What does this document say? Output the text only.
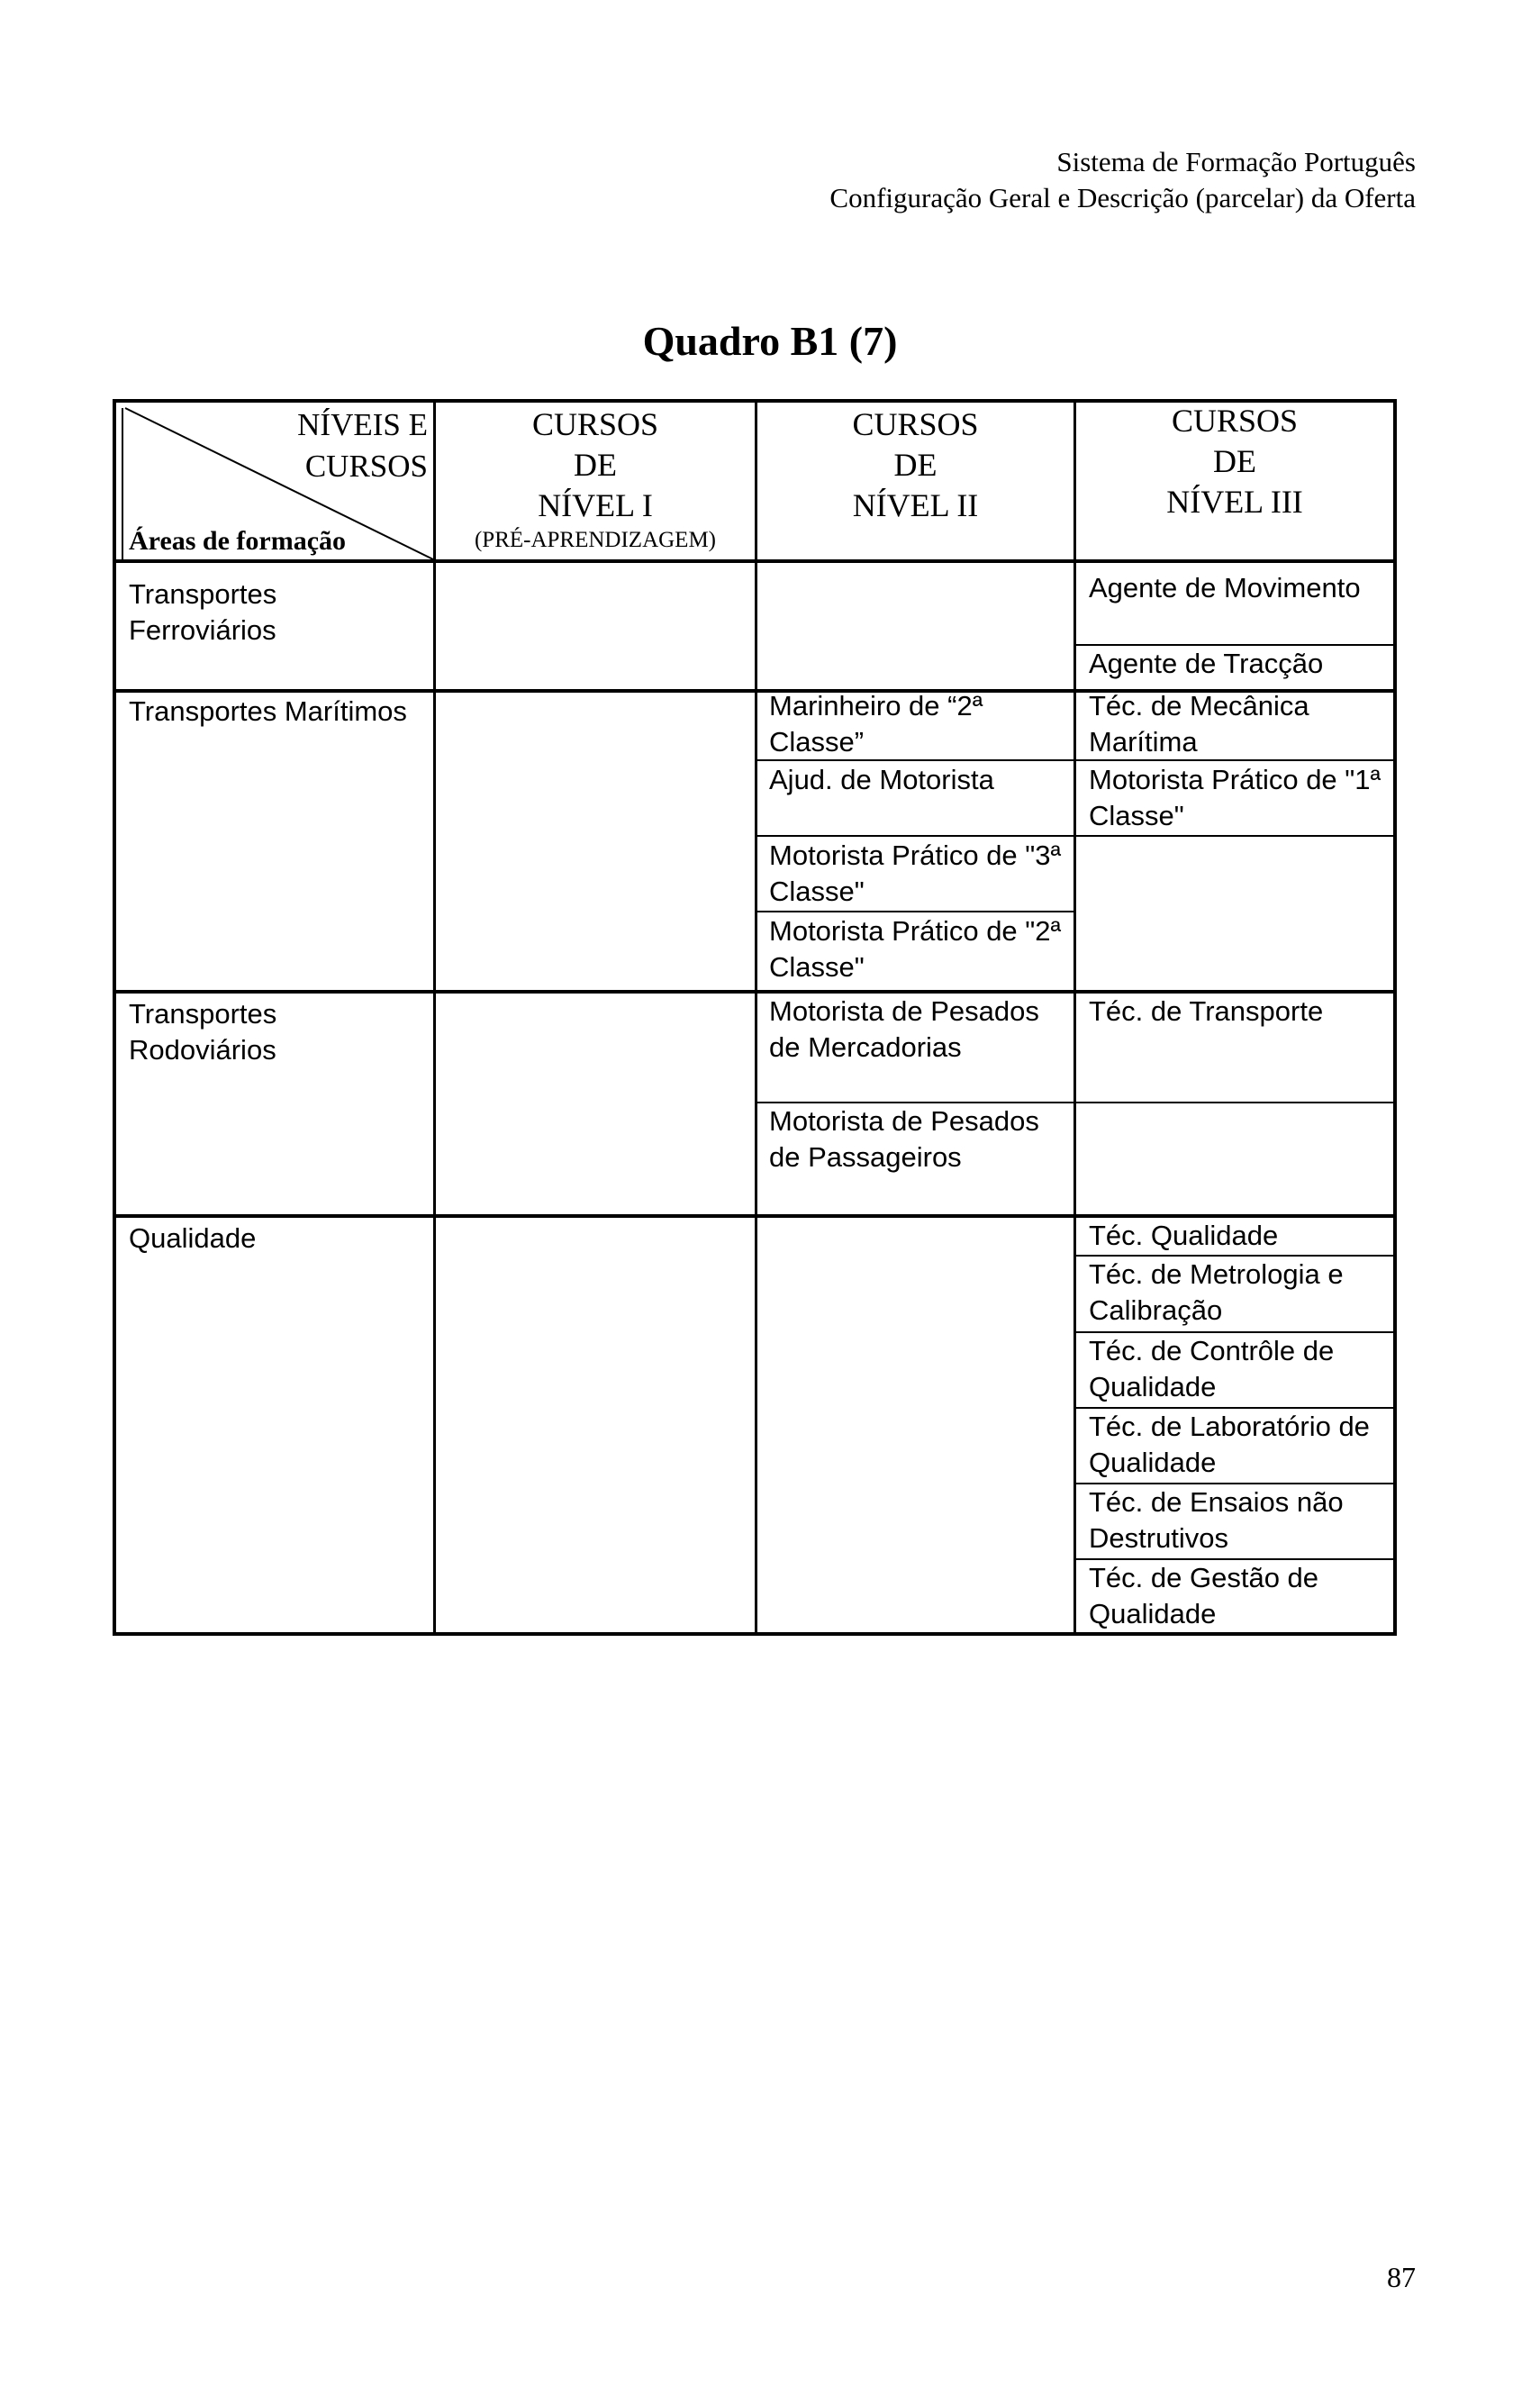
Sistema de Formação Português
Configuração Geral e Descrição (parcelar) da Oferta
Quadro B1 (7)
NÍVEIS E
CURSOS
Áreas de formação
CURSOS
DE
NÍVEL I
(PRÉ-APRENDIZAGEM)
CURSOS
DE
NÍVEL II
CURSOS
DE
NÍVEL III
Transportes Ferroviários
Transportes Marítimos
Transportes Rodoviários
Qualidade
Marinheiro de “2ª Classe”
Ajud. de Motorista
Motorista Prático de "3ª Classe"
Motorista Prático de "2ª Classe"
Motorista de Pesados de Mercadorias
Motorista de Pesados de Passageiros
Agente de Movimento
Agente de Tracção
Téc. de Mecânica Marítima
Motorista Prático de "1ª Classe"
Téc. de Transporte
Téc. Qualidade
Téc. de Metrologia e Calibração
Téc. de Contrôle de Qualidade
Téc. de Laboratório de Qualidade
Téc. de Ensaios não Destrutivos
Téc. de Gestão de Qualidade
87
